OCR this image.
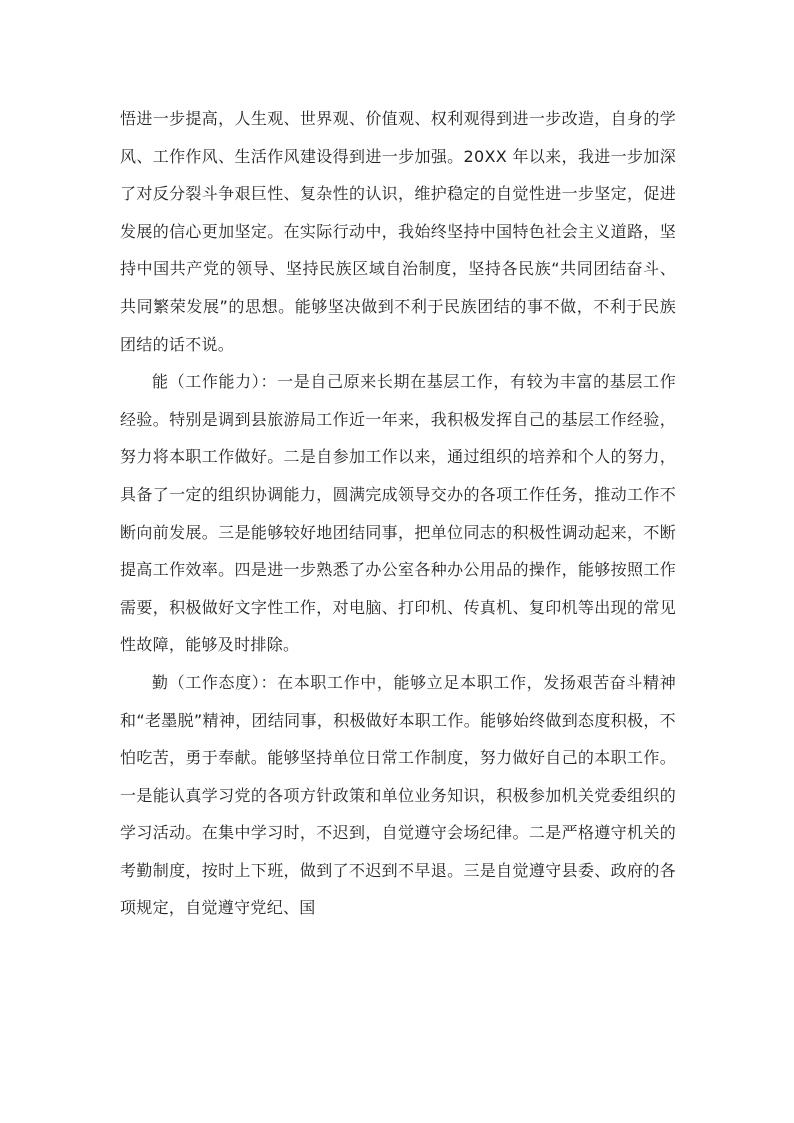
悟进一步提高，人生观、世界观、价值观、权利观得到进一步改造，自身的学风、工作作风、生活作风建设得到进一步加强。20XX 年以来，我进一步加深了对反分裂斗争艰巨性、复杂性的认识，维护稳定的自觉性进一步坚定，促进发展的信心更加坚定。在实际行动中，我始终坚持中国特色社会主义道路，坚持中国共产党的领导、坚持民族区域自治制度，坚持各民族“共同团结奋斗、共同繁荣发展”的思想。能够坚决做到不利于民族团结的事不做，不利于民族团结的话不说。

能（工作能力）：一是自己原来长期在基层工作，有较为丰富的基层工作经验。特别是调到县旅游局工作近一年来，我积极发挥自己的基层工作经验，努力将本职工作做好。二是自参加工作以来，通过组织的培养和个人的努力，具备了一定的组织协调能力，圆满完成领导交办的各项工作任务，推动工作不断向前发展。三是能够较好地团结同事，把单位同志的积极性调动起来，不断提高工作效率。四是进一步熟悉了办公室各种办公用品的操作，能够按照工作需要，积极做好文字性工作，对电脑、打印机、传真机、复印机等出现的常见性故障，能够及时排除。

勤（工作态度）：在本职工作中，能够立足本职工作，发扬艰苦奋斗精神和“老墨脱”精神，团结同事，积极做好本职工作。能够始终做到态度积极，不怕吃苦，勇于奉献。能够坚持单位日常工作制度，努力做好自己的本职工作。一是能认真学习党的各项方针政策和单位业务知识，积极参加机关党委组织的学习活动。在集中学习时，不迟到，自觉遵守会场纪律。二是严格遵守机关的考勤制度，按时上下班，做到了不迟到不早退。三是自觉遵守县委、政府的各项规定，自觉遵守党纪、国
